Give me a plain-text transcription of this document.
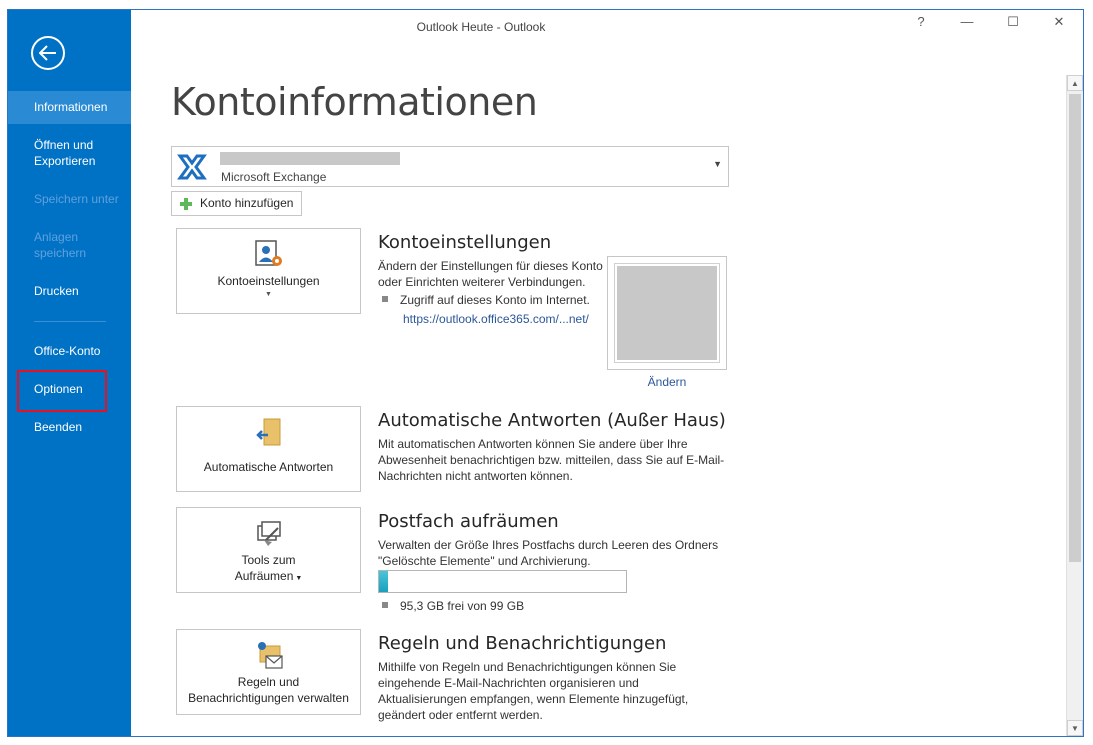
Informationen
Öffnen und Exportieren
Speichern unter
Anlagen speichern
Drucken
Office-Konto
Optionen
Beenden
Outlook Heute - Outlook	?	—	☐	✕
Kontoinformationen
Microsoft Exchange
▼
Konto hinzufügen
Kontoeinstellungen
▼
Kontoeinstellungen
Ändern der Einstellungen für dieses Konto
oder Einrichten weiterer Verbindungen.
Zugriff auf dieses Konto im Internet.
https://outlook.office365.com/...net/
Ändern
Automatische Antworten
Automatische Antworten (Außer Haus)
Mit automatischen Antworten können Sie andere über Ihre
Abwesenheit benachrichtigen bzw. mitteilen, dass Sie auf E-Mail-
Nachrichten nicht antworten können.
Tools zum
Aufräumen ▼
Postfach aufräumen
Verwalten der Größe Ihres Postfachs durch Leeren des Ordners
"Gelöschte Elemente" und Archivierung.
95,3 GB frei von 99 GB
Regeln und
Benachrichtigungen verwalten
Regeln und Benachrichtigungen
Mithilfe von Regeln und Benachrichtigungen können Sie
eingehende E-Mail-Nachrichten organisieren und
Aktualisierungen empfangen, wenn Elemente hinzugefügt,
geändert oder entfernt werden.
▲
▼
